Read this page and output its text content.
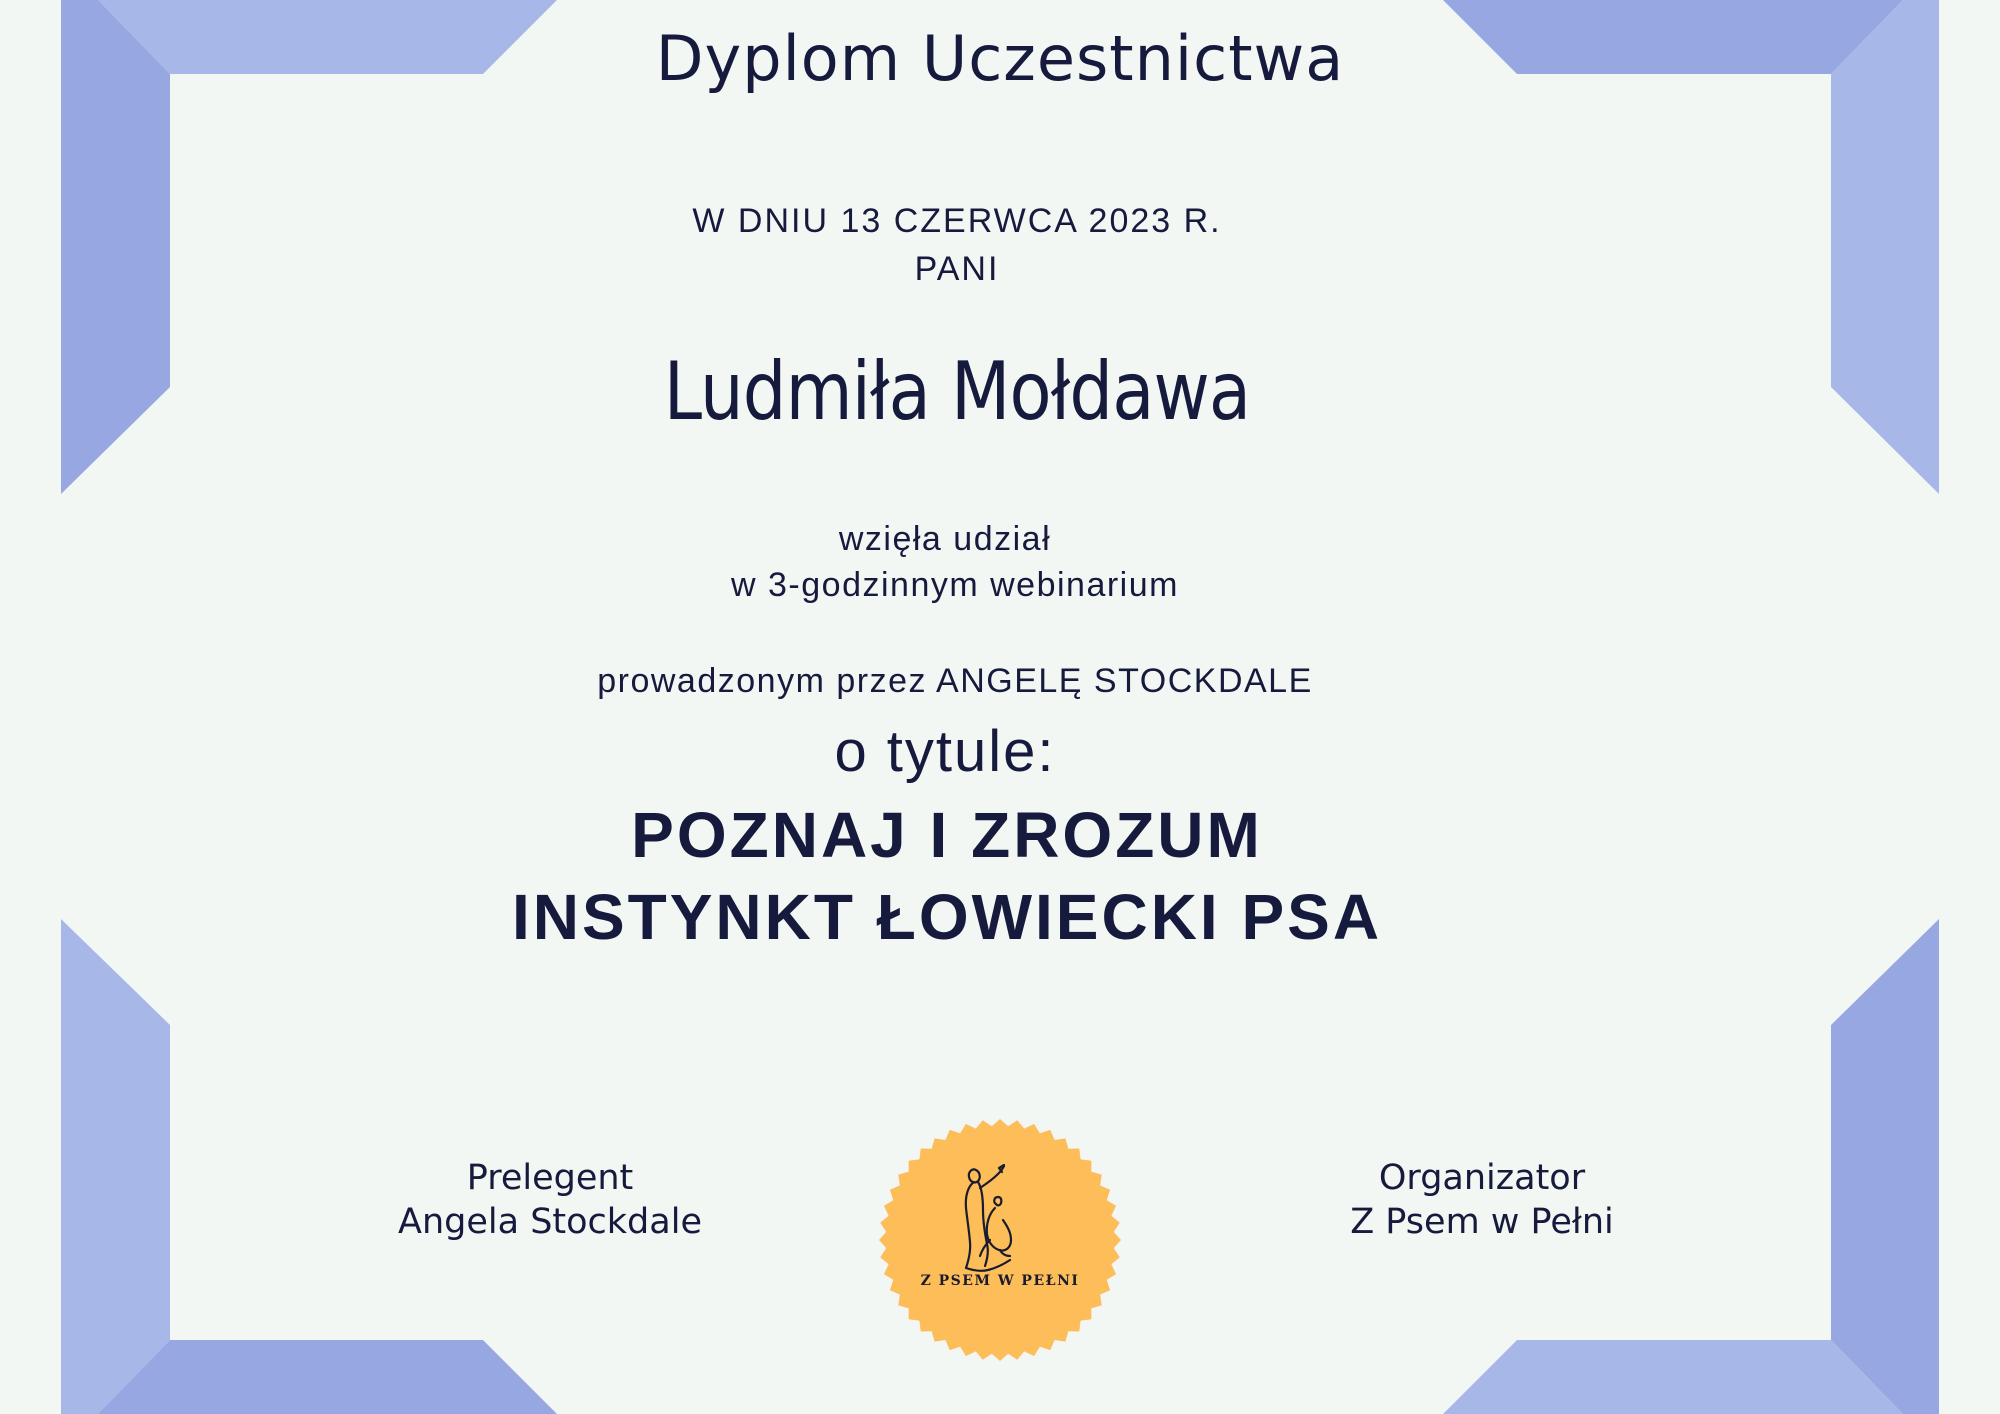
Dyplom Uczestnictwa
W DNIU 13 CZERWCA 2023 R.
PANI
Ludmiła Mołdawa
wzięła udział
w 3-godzinnym webinarium
prowadzonym przez ANGELĘ STOCKDALE
o tytule:
POZNAJ I ZROZUM
INSTYNKT ŁOWIECKI PSA
Prelegent
Angela Stockdale
Organizator
Z Psem w Pełni
Z PSEM W PEŁNI
